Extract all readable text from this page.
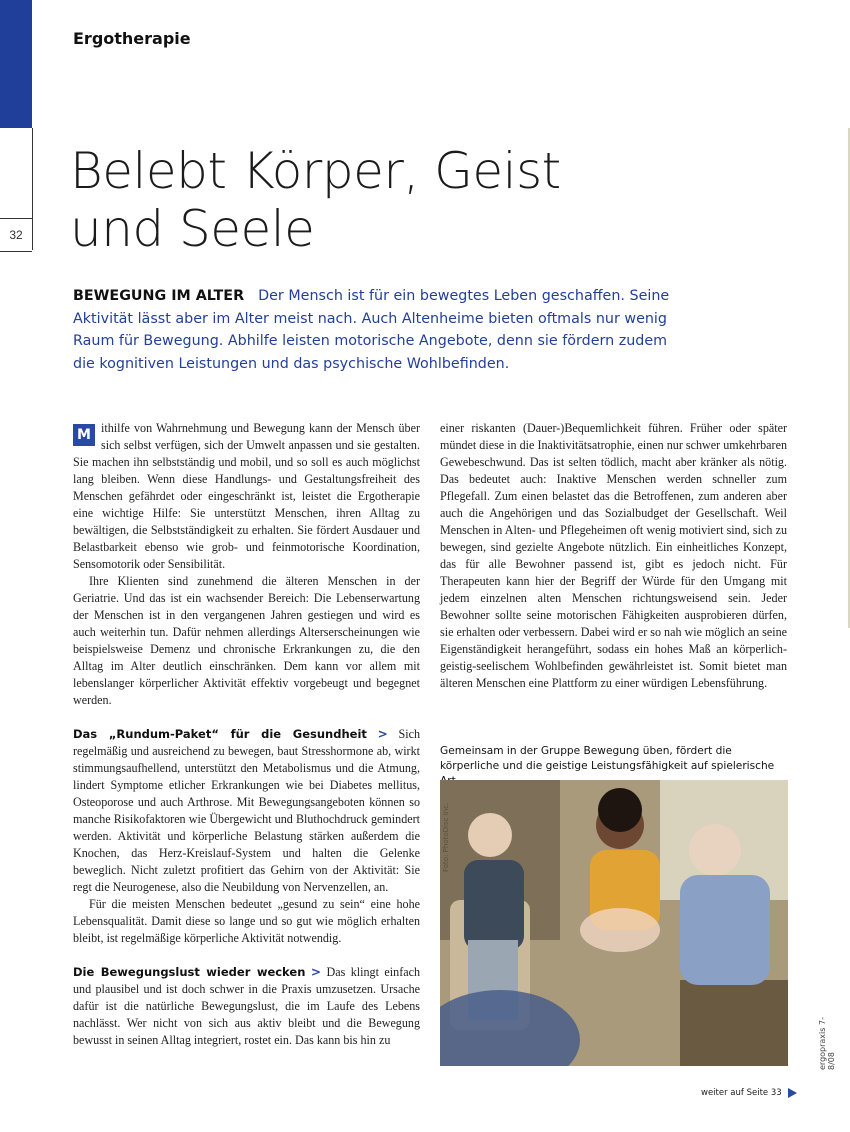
32
Ergotherapie
Belebt Körper, Geist
und Seele
BEWEGUNG IM ALTER Der Mensch ist für ein bewegtes Leben geschaffen. Seine Aktivität lässt aber im Alter meist nach. Auch Altenheime bieten oftmals nur wenig Raum für Bewegung. Abhilfe leisten motorische Angebote, denn sie fördern zudem die kognitiven Leistungen und das psychische Wohlbefinden.

M ithilfe von Wahrnehmung und Bewegung kann der Mensch über sich selbst verfügen, sich der Umwelt anpassen und sie gestalten. Sie machen ihn selbstständig und mobil, und so soll es auch möglichst lang bleiben. Wenn diese Handlungs- und Gestaltungsfreiheit des Menschen gefährdet oder eingeschränkt ist, leistet die Ergotherapie eine wichtige Hilfe: Sie unterstützt Menschen, ihren Alltag zu bewältigen, die Selbstständigkeit zu erhalten. Sie fördert Ausdauer und Belastbarkeit ebenso wie grob- und feinmotorische Koordination, Sensomotorik oder Sensibilität.

Ihre Klienten sind zunehmend die älteren Menschen in der Geriatrie. Und das ist ein wachsender Bereich: Die Lebenserwartung der Menschen ist in den vergangenen Jahren gestiegen und wird es auch weiterhin tun. Dafür nehmen allerdings Alterserscheinungen wie beispielsweise Demenz und chronische Erkrankungen zu, die den Alltag im Alter deutlich einschränken. Dem kann vor allem mit lebenslanger körperlicher Aktivität effektiv vorgebeugt und begegnet werden.

Das „Rundum-Paket“ für die Gesundheit > Sich regelmäßig und ausreichend zu bewegen, baut Stresshormone ab, wirkt stimmungsaufhellend, unterstützt den Metabolismus und die Atmung, lindert Symptome etlicher Erkrankungen wie bei Diabetes mellitus, Osteoporose und auch Arthrose. Mit Bewegungsangeboten können so manche Risikofaktoren wie Übergewicht und Bluthochdruck gemindert werden. Aktivität und körperliche Belastung stärken außerdem die Knochen, das Herz-Kreislauf-System und halten die Gelenke beweglich. Nicht zuletzt profitiert das Gehirn von der Aktivität: Sie regt die Neurogenese, also die Neubildung von Nervenzellen, an.

Für die meisten Menschen bedeutet „gesund zu sein“ eine hohe Lebensqualität. Damit diese so lange und so gut wie möglich erhalten bleibt, ist regelmäßige körperliche Aktivität notwendig.

Die Bewegungslust wieder wecken > Das klingt einfach und plausibel und ist doch schwer in die Praxis umzusetzen. Ursache dafür ist die natürliche Bewegungslust, die im Laufe des Lebens nachlässt. Wer nicht von sich aus aktiv bleibt und die Bewegung bewusst in seinen Alltag integriert, rostet ein. Das kann bis hin zu

einer riskanten (Dauer-)Bequemlichkeit führen. Früher oder später mündet diese in die Inaktivitätsatrophie, einen nur schwer umkehrbaren Gewebeschwund. Das ist selten tödlich, macht aber kränker als nötig. Das bedeutet auch: Inaktive Menschen werden schneller zum Pflegefall. Zum einen belastet das die Betroffenen, zum anderen aber auch die Angehörigen und das Sozialbudget der Gesellschaft. Weil Menschen in Alten- und Pflegeheimen oft wenig motiviert sind, sich zu bewegen, sind gezielte Angebote nützlich. Ein einheitliches Konzept, das für alle Bewohner passend ist, gibt es jedoch nicht. Für Therapeuten kann hier der Begriff der Würde für den Umgang mit jedem einzelnen alten Menschen richtungsweisend sein. Jeder Bewohner sollte seine motorischen Fähigkeiten ausprobieren dürfen, sie erhalten oder verbessern. Dabei wird er so nah wie möglich an seine Eigenständigkeit herangeführt, sodass ein hohes Maß an körperlich-geistig-seelischem Wohlbefinden gewährleistet ist. Somit bietet man älteren Menschen eine Plattform zu einer würdigen Lebensführung.

Gemeinsam in der Gruppe Bewegung üben, fördert die körperliche und die geistige Leistungsfähigkeit auf spielerische
Foto: PhotoDisc Inc.
ergopraxis 7-8/08
weiter auf Seite 33
